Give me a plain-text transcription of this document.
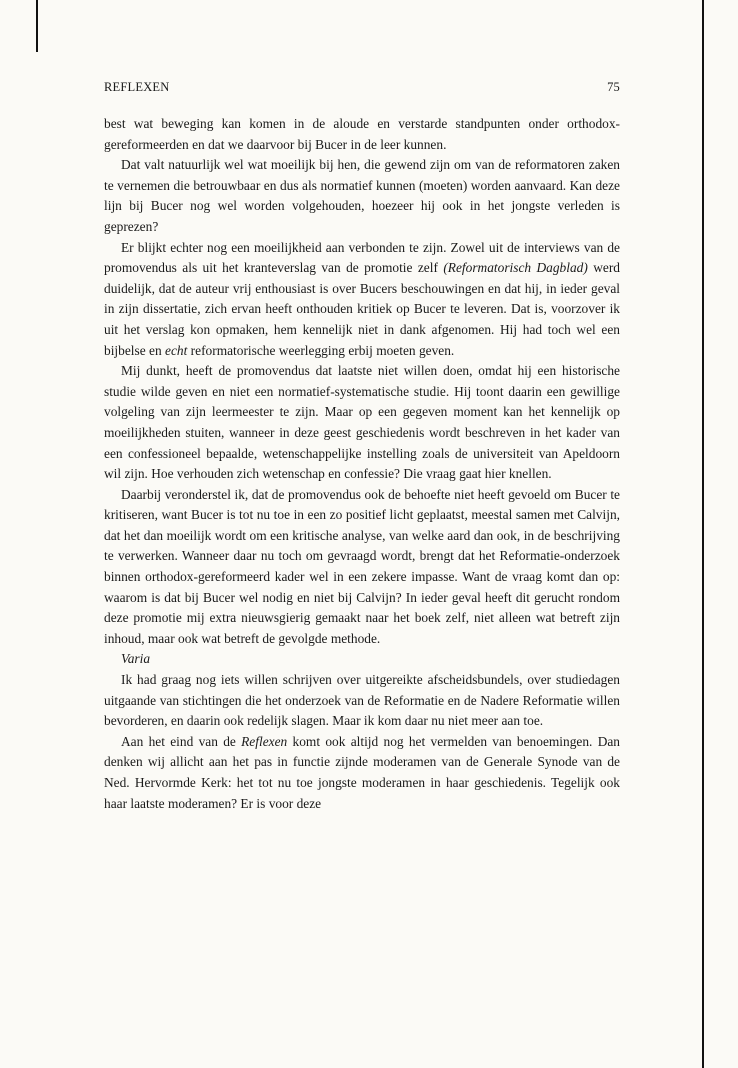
REFLEXEN	75

best wat beweging kan komen in de aloude en verstarde standpunten onder orthodox-gereformeerden en dat we daarvoor bij Bucer in de leer kunnen.

Dat valt natuurlijk wel wat moeilijk bij hen, die gewend zijn om van de reformatoren zaken te vernemen die betrouwbaar en dus als normatief kunnen (moeten) worden aanvaard. Kan deze lijn bij Bucer nog wel worden volgehouden, hoezeer hij ook in het jongste verleden is geprezen?

Er blijkt echter nog een moeilijkheid aan verbonden te zijn. Zowel uit de interviews van de promovendus als uit het kranteverslag van de promotie zelf (Reformatorisch Dagblad) werd duidelijk, dat de auteur vrij enthousiast is over Bucers beschouwingen en dat hij, in ieder geval in zijn dissertatie, zich ervan heeft onthouden kritiek op Bucer te leveren. Dat is, voorzover ik uit het verslag kon opmaken, hem kennelijk niet in dank afgenomen. Hij had toch wel een bijbelse en echt reformatorische weerlegging erbij moeten geven.

Mij dunkt, heeft de promovendus dat laatste niet willen doen, omdat hij een historische studie wilde geven en niet een normatief-systematische studie. Hij toont daarin een gewillige volgeling van zijn leermeester te zijn. Maar op een gegeven moment kan het kennelijk op moeilijkheden stuiten, wanneer in deze geest geschiedenis wordt beschreven in het kader van een confessioneel bepaalde, wetenschappelijke instelling zoals de universiteit van Apeldoorn wil zijn. Hoe verhouden zich wetenschap en confessie? Die vraag gaat hier knellen.

Daarbij veronderstel ik, dat de promovendus ook de behoefte niet heeft gevoeld om Bucer te kritiseren, want Bucer is tot nu toe in een zo positief licht geplaatst, meestal samen met Calvijn, dat het dan moeilijk wordt om een kritische analyse, van welke aard dan ook, in de beschrijving te verwerken. Wanneer daar nu toch om gevraagd wordt, brengt dat het Reformatie-onderzoek binnen orthodox-gereformeerd kader wel in een zekere impasse. Want de vraag komt dan op: waarom is dat bij Bucer wel nodig en niet bij Calvijn? In ieder geval heeft dit gerucht rondom deze promotie mij extra nieuwsgierig gemaakt naar het boek zelf, niet alleen wat betreft zijn inhoud, maar ook wat betreft de gevolgde methode.

Varia

Ik had graag nog iets willen schrijven over uitgereikte afscheidsbundels, over studiedagen uitgaande van stichtingen die het onderzoek van de Reformatie en de Nadere Reformatie willen bevorderen, en daarin ook redelijk slagen. Maar ik kom daar nu niet meer aan toe.

Aan het eind van de Reflexen komt ook altijd nog het vermelden van benoemingen. Dan denken wij allicht aan het pas in functie zijnde moderamen van de Generale Synode van de Ned. Hervormde Kerk: het tot nu toe jongste moderamen in haar geschiedenis. Tegelijk ook haar laatste moderamen? Er is voor deze
